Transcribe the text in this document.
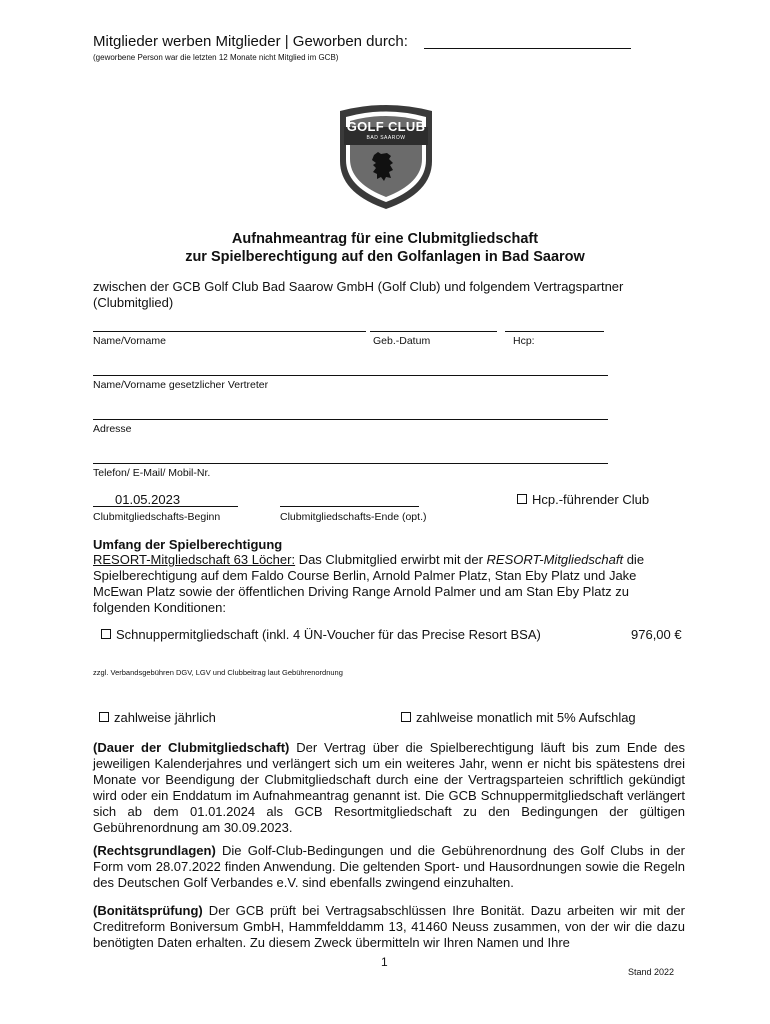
Mitglieder werben Mitglieder | Geworben durch:
(geworbene Person war die letzten 12 Monate nicht Mitglied im GCB)
GOLF CLUB
BAD SAAROW
Aufnahmeantrag für eine Clubmitgliedschaft
zur Spielberechtigung auf den Golfanlagen in Bad Saarow
zwischen der GCB Golf Club Bad Saarow GmbH (Golf Club) und folgendem Vertragspartner (Clubmitglied)
Name/Vorname	Geb.-Datum	Hcp:
Name/Vorname gesetzlicher Vertreter
Adresse
Telefon/ E-Mail/ Mobil-Nr.
01.05.2023	Hcp.-führender Club
Clubmitgliedschafts-Beginn	Clubmitgliedschafts-Ende (opt.)
Umfang der Spielberechtigung
RESORT-Mitgliedschaft 63 Löcher: Das Clubmitglied erwirbt mit der RESORT-Mitgliedschaft die Spielberechtigung auf dem Faldo Course Berlin, Arnold Palmer Platz, Stan Eby Platz und Jake McEwan Platz sowie der öffentlichen Driving Range Arnold Palmer und am Stan Eby Platz zu folgenden Konditionen:
Schnuppermitgliedschaft (inkl. 4 ÜN-Voucher für das Precise Resort BSA)	976,00 €
zzgl. Verbandsgebühren DGV, LGV und Clubbeitrag laut Gebührenordnung
zahlweise jährlich	zahlweise monatlich mit 5% Aufschlag
(Dauer der Clubmitgliedschaft) Der Vertrag über die Spielberechtigung läuft bis zum Ende des jeweiligen Kalenderjahres und verlängert sich um ein weiteres Jahr, wenn er nicht bis spätestens drei Monate vor Beendigung der Clubmitgliedschaft durch eine der Vertragsparteien schriftlich gekündigt wird oder ein Enddatum im Aufnahmeantrag genannt ist. Die GCB Schnuppermitgliedschaft verlängert sich ab dem 01.01.2024 als GCB Resortmitgliedschaft zu den Bedingungen der gültigen Gebührenordnung am 30.09.2023.
(Rechtsgrundlagen) Die Golf-Club-Bedingungen und die Gebührenordnung des Golf Clubs in der Form vom 28.07.2022 finden Anwendung. Die geltenden Sport- und Hausordnungen sowie die Regeln des Deutschen Golf Verbandes e.V. sind ebenfalls zwingend einzuhalten.
(Bonitätsprüfung) Der GCB prüft bei Vertragsabschlüssen Ihre Bonität. Dazu arbeiten wir mit der Creditreform Boniversum GmbH, Hammfelddamm 13, 41460 Neuss zusammen, von der wir die dazu benötigten Daten erhalten. Zu diesem Zweck übermitteln wir Ihren Namen und Ihre
1
Stand 2022
